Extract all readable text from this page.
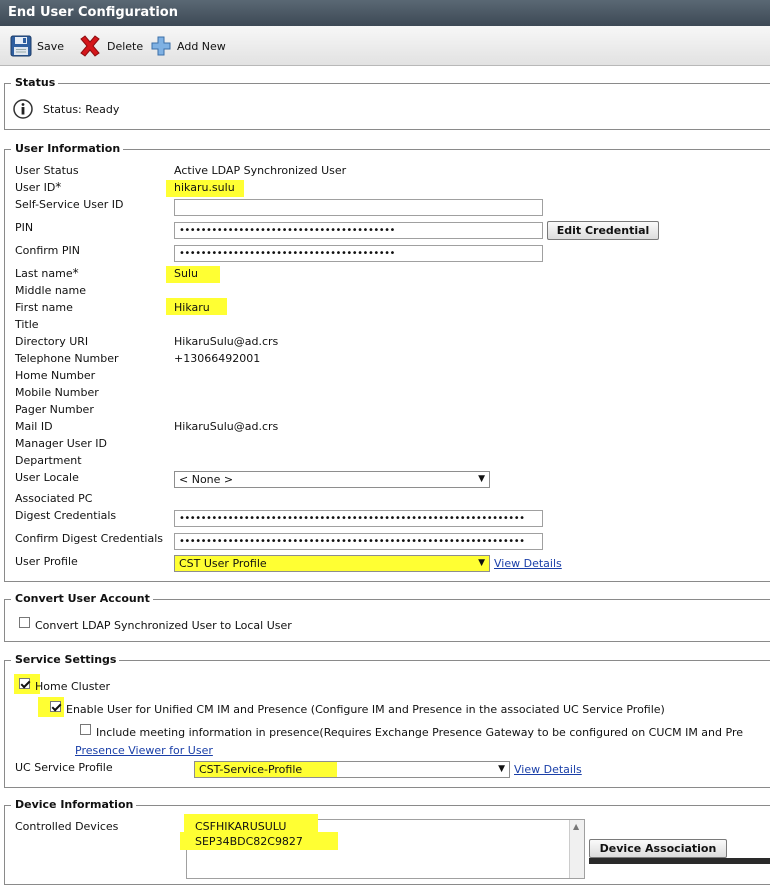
End User Configuration
Save	Delete	Add New
Status
Status: Ready
User Information
User Status	Active LDAP Synchronized User
User ID*	hikaru.sulu
Self-Service User ID
PIN	••••••••••••••••••••••••••••••••••••••••	Edit Credential
Confirm PIN	••••••••••••••••••••••••••••••••••••••••
Last name*	Sulu
Middle name
First name	Hikaru
Title
Directory URI	HikaruSulu@ad.crs
Telephone Number	+13066492001
Home Number
Mobile Number
Pager Number
Mail ID	HikaruSulu@ad.crs
Manager User ID
Department
User Locale	< None >	▼
Associated PC
Digest Credentials	••••••••••••••••••••••••••••••••••••••••••••••••••••••••••••••••
Confirm Digest Credentials	••••••••••••••••••••••••••••••••••••••••••••••••••••••••••••••••
User Profile	CST User Profile	▼ View Details
Convert User Account
Convert LDAP Synchronized User to Local User
Service Settings
Home Cluster
Enable User for Unified CM IM and Presence (Configure IM and Presence in the associated UC Service Profile)
Include meeting information in presence(Requires Exchange Presence Gateway to be configured on CUCM IM and Pre
Presence Viewer for User
UC Service Profile	CST-Service-Profile	▼ View Details
Device Information
Controlled Devices	▲
CSFHIKARUSULU
SEP34BDC82C9827
Device Association
